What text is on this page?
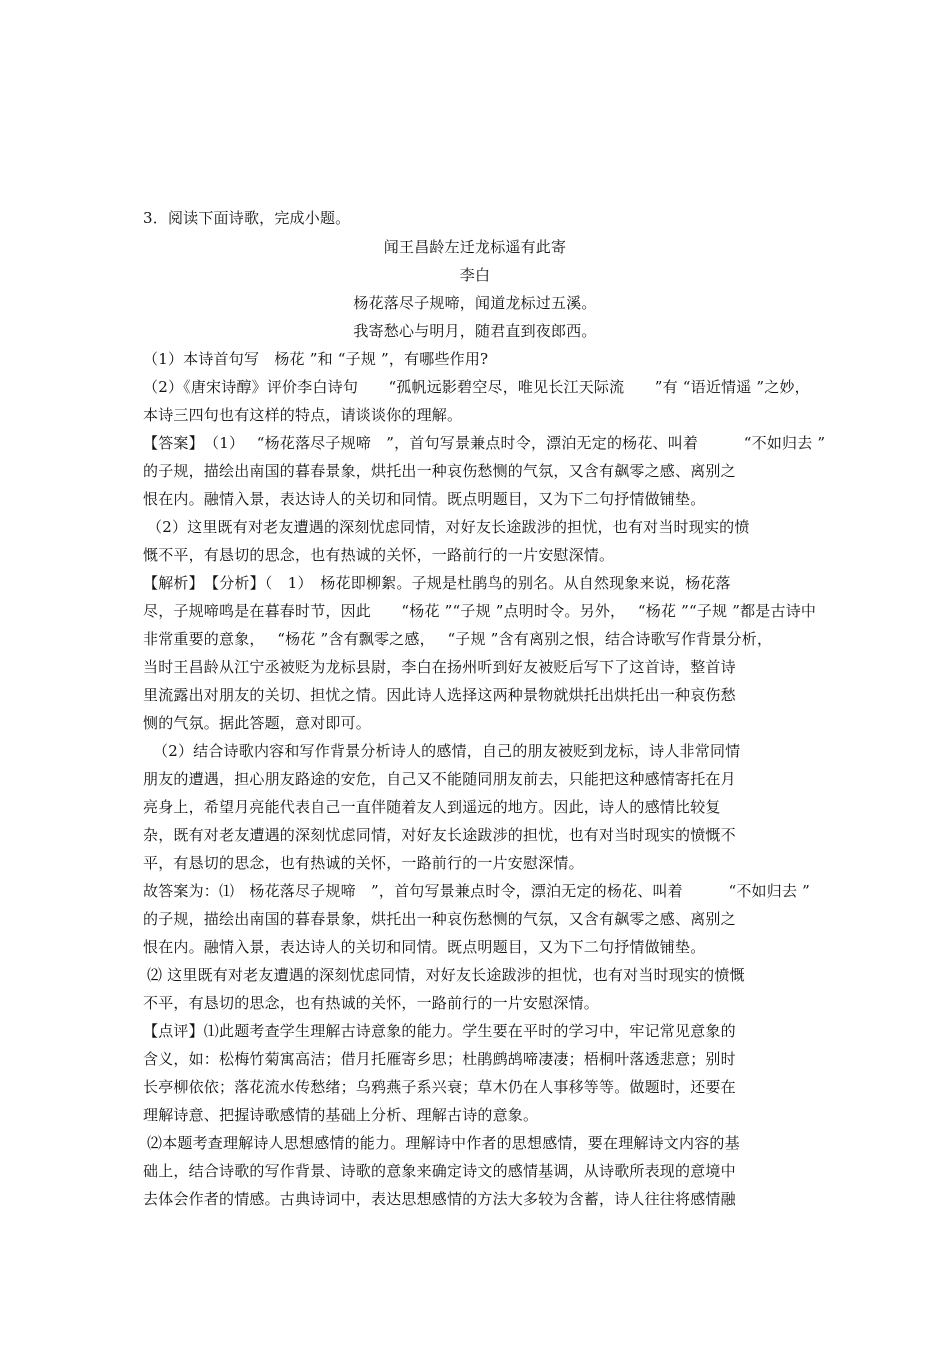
3．阅读下面诗歌，完成小题。
闻王昌龄左迁龙标遥有此寄
李白
杨花落尽子规啼，闻道龙标过五溪。
我寄愁心与明月，随君直到夜郎西。
（1）本诗首句写　杨花 ”和 “子规 ”，有哪些作用?
（2）《唐宋诗醇》评价李白诗句　　“孤帆远影碧空尽，唯见长江天际流　　”有 “语近情遥 ”之妙，
本诗三四句也有这样的特点，请谈谈你的理解。
【答案】　（1）　 “杨花落尽子规啼　”，首句写景兼点时令，漂泊无定的杨花、叫着　　　“不如归去 ”
的子规，描绘出南国的暮春景象，烘托出一种哀伤愁恻的气氛，又含有飙零之感、离别之
恨在内。融情入景，表达诗人的关切和同情。既点明题目，又为下二句抒情做铺垫。
（2）这里既有对老友遭遇的深刻忧虑同情，对好友长途跋涉的担忧，也有对当时现实的愤
慨不平，有恳切的思念，也有热诚的关怀，一路前行的一片安慰深情。
【解析】　【分析】（　1）　杨花即柳絮。子规是杜鹃鸟的别名。从自然现象来说，杨花落
尽，子规啼鸣是在暮春时节，因此　　“杨花 ”“子规 ”点明时令。另外，　 “杨花 ”“子规 ”都是古诗中
非常重要的意象，　 “杨花 ”含有飘零之感，　 “子规 ”含有离别之恨，结合诗歌写作背景分析，
当时王昌龄从江宁丞被贬为龙标县尉，李白在扬州听到好友被贬后写下了这首诗，整首诗
里流露出对朋友的关切、担忧之情。因此诗人选择这两种景物就烘托出烘托出一种哀伤愁
恻的气氛。据此答题，意对即可。
（2）结合诗歌内容和写作背景分析诗人的感情，自己的朋友被贬到龙标，诗人非常同情
朋友的遭遇，担心朋友路途的安危，自己又不能随同朋友前去，只能把这种感情寄托在月
亮身上，希望月亮能代表自己一直伴随着友人到遥远的地方。因此，诗人的感情比较复
杂，既有对老友遭遇的深刻忧虑同情，对好友长途跋涉的担忧，也有对当时现实的愤慨不
平，有恳切的思念，也有热诚的关怀，一路前行的一片安慰深情。
故答案为：⑴　杨花落尽子规啼　”，首句写景兼点时令，漂泊无定的杨花、叫着　　　“不如归去 ”
的子规，描绘出南国的暮春景象，烘托出一种哀伤愁恻的气氛，又含有飙零之感、离别之
恨在内。融情入景，表达诗人的关切和同情。既点明题目，又为下二句抒情做铺垫。
⑵ 这里既有对老友遭遇的深刻忧虑同情，对好友长途跋涉的担忧，也有对当时现实的愤慨
不平，有恳切的思念，也有热诚的关怀，一路前行的一片安慰深情。
【点评】⑴此题考查学生理解古诗意象的能力。学生要在平时的学习中，牢记常见意象的
含义，如：松梅竹菊寓高洁；借月托雁寄乡思；杜鹃鹧鸪啼凄凄；梧桐叶落透悲意；别时
长亭柳依依；落花流水传愁绪；乌鸦燕子系兴衰；草木仍在人事移等等。做题时，还要在
理解诗意、把握诗歌感情的基础上分析、理解古诗的意象。
⑵本题考查理解诗人思想感情的能力。理解诗中作者的思想感情，要在理解诗文内容的基
础上，结合诗歌的写作背景、诗歌的意象来确定诗文的感情基调，从诗歌所表现的意境中
去体会作者的情感。古典诗词中，表达思想感情的方法大多较为含蓄，诗人往往将感情融
